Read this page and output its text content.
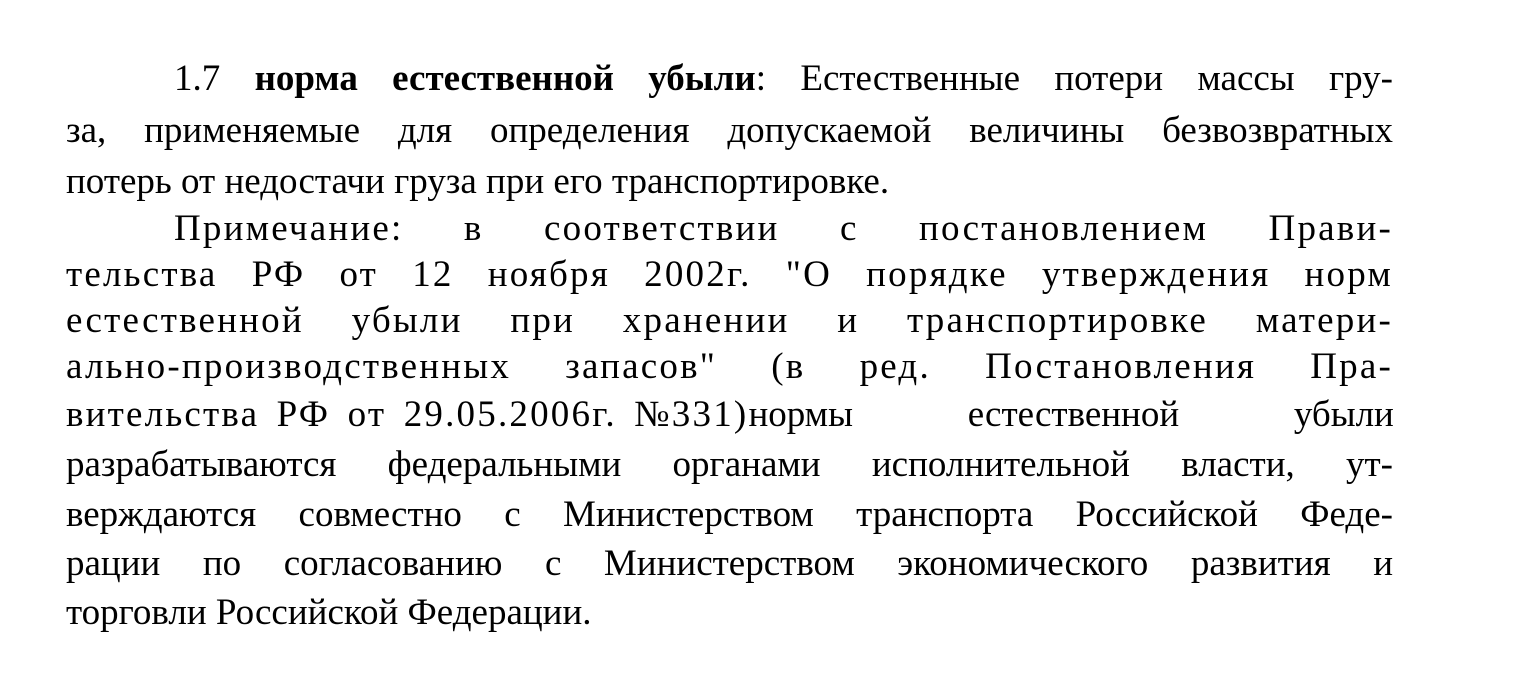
1.7 норма естественной убыли: Естественные потери массы гру-
за, применяемые для определения допускаемой величины безвозвратных
потерь от недостачи груза при его транспортировке.
Примечание: в соответствии с постановлением Прави-
тельства РФ от 12 ноября 2002г. "О порядке утверждения норм
естественной убыли при хранении и транспортировке матери-
ально-производственных запасов" (в ред. Постановления Пра-
вительства РФ от 29.05.2006г. №331)нормы естественной убыли
разрабатываются федеральными органами исполнительной власти, ут-
верждаются совместно с Министерством транспорта Российской Феде-
рации по согласованию с Министерством экономического развития и
торговли Российской Федерации.
